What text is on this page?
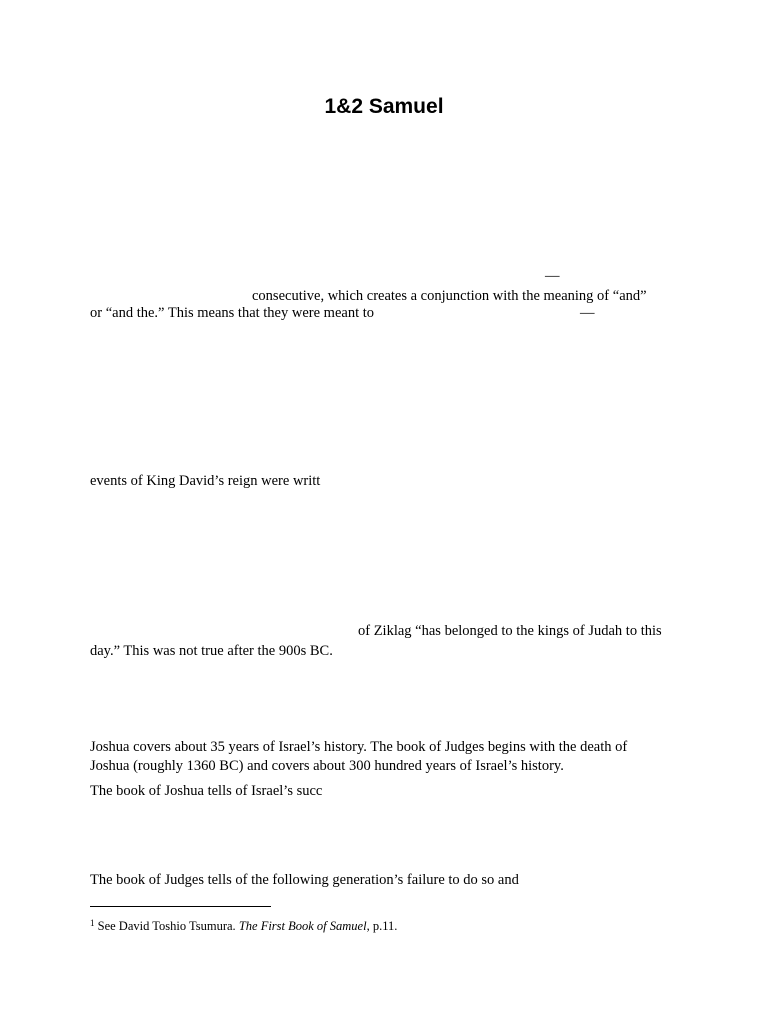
1&2 Samuel
—
consecutive, which creates a conjunction with the meaning of “and”
or “and the.” This means that they were meant to	—
events of King David’s reign were writt
of Ziklag “has belonged to the kings of Judah to this
day.” This was not true after the 900s BC.
Joshua covers about 35 years of Israel’s history. The book of Judges begins with the death of
Joshua (roughly 1360 BC) and covers about 300 hundred years of Israel’s history.
The book of Joshua tells of Israel’s succ
The book of Judges tells of the following generation’s failure to do so and
$^1$ See David Toshio Tsumura. The First Book of Samuel, p.11.
